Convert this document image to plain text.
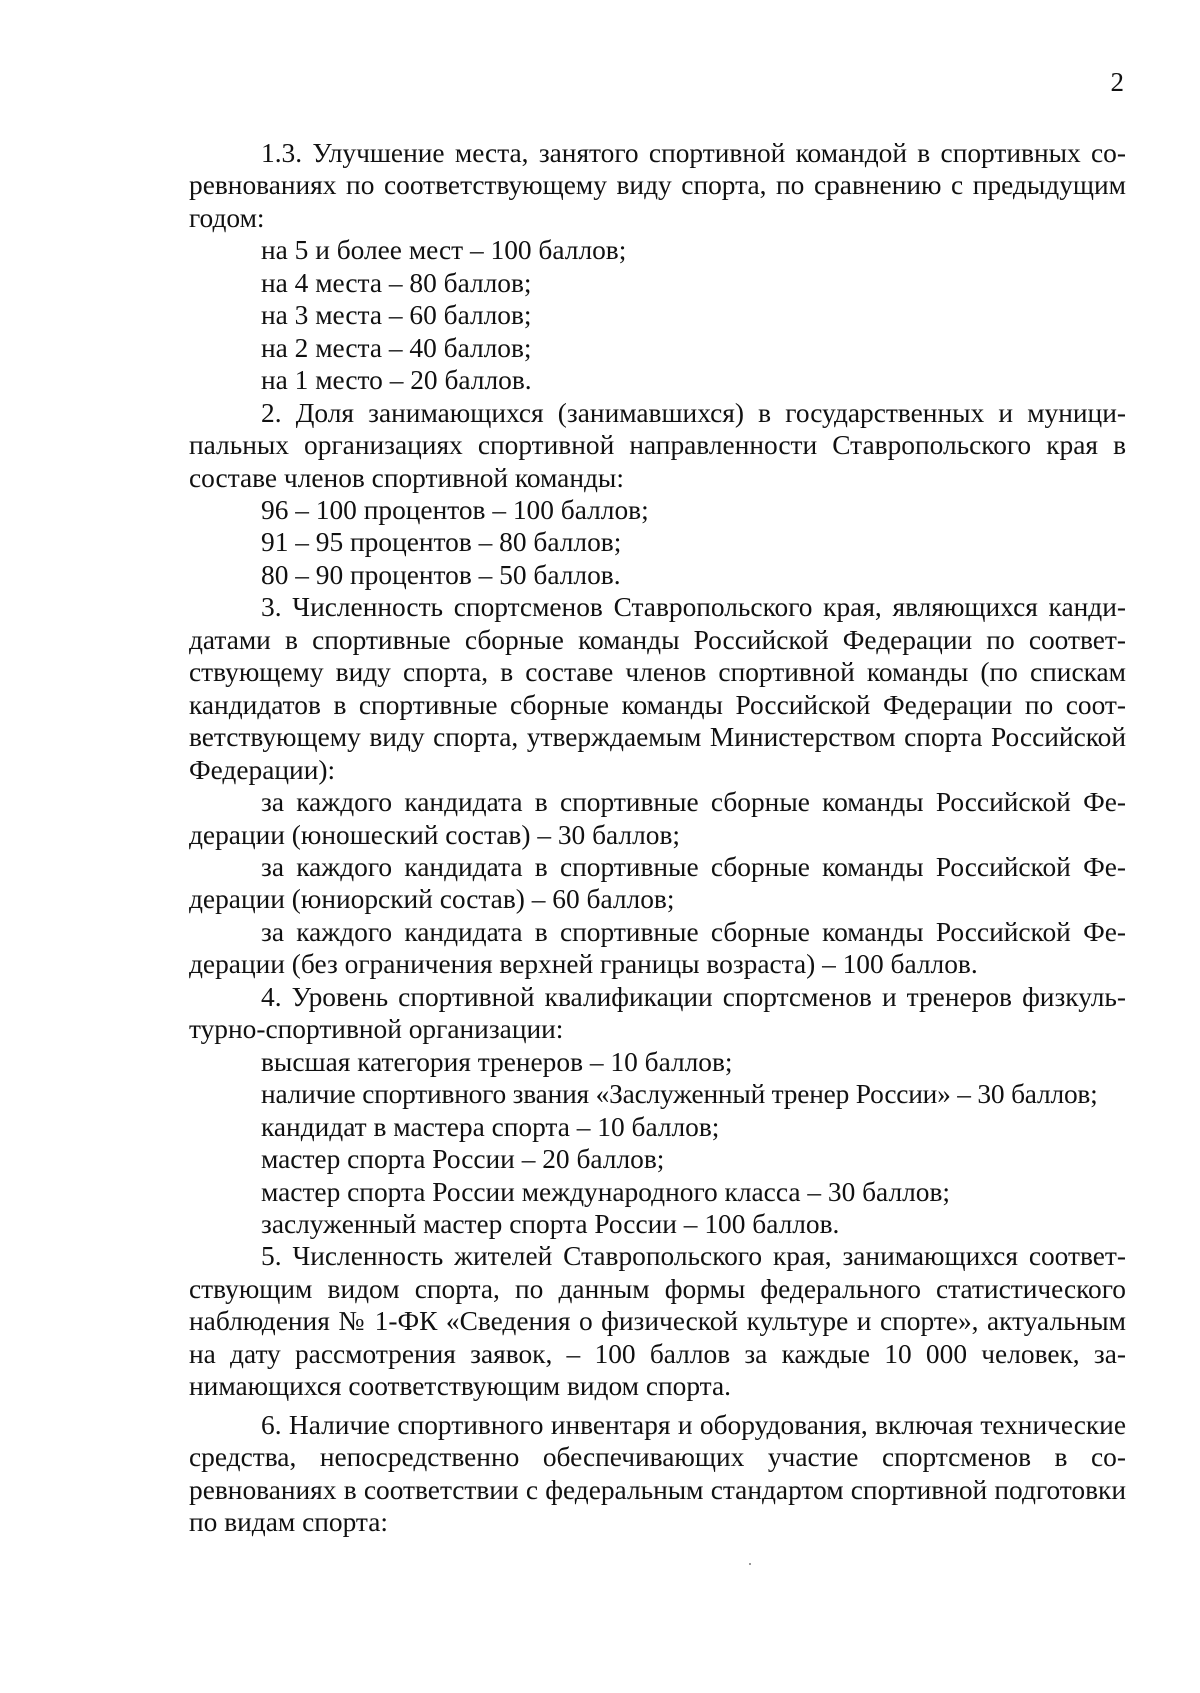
2

1.3. Улучшение места, занятого спортивной командой в спортивных соревнованиях по соответствующему виду спорта, по сравнению с предыдущим годом:

на 5 и более мест – 100 баллов;

на 4 места – 80 баллов;

на 3 места – 60 баллов;

на 2 места – 40 баллов;

на 1 место – 20 баллов.

2. Доля занимающихся (занимавшихся) в государственных и муниципальных организациях спортивной направленности Ставропольского края в составе членов спортивной команды:

96 – 100 процентов – 100 баллов;

91 – 95 процентов – 80 баллов;

80 – 90 процентов – 50 баллов.

3. Численность спортсменов Ставропольского края, являющихся кандидатами в спортивные сборные команды Российской Федерации по соответствующему виду спорта, в составе членов спортивной команды (по спискам кандидатов в спортивные сборные команды Российской Федерации по соответствующему виду спорта, утверждаемым Министерством спорта Российской Федерации):

за каждого кандидата в спортивные сборные команды Российской Федерации (юношеский состав) – 30 баллов;

за каждого кандидата в спортивные сборные команды Российской Федерации (юниорский состав) – 60 баллов;

за каждого кандидата в спортивные сборные команды Российской Федерации (без ограничения верхней границы возраста) – 100 баллов.

4. Уровень спортивной квалификации спортсменов и тренеров физкультурно-спортивной организации:

высшая категория тренеров – 10 баллов;

наличие спортивного звания «Заслуженный тренер России» – 30 баллов;

кандидат в мастера спорта – 10 баллов;

мастер спорта России – 20 баллов;

мастер спорта России международного класса – 30 баллов;

заслуженный мастер спорта России – 100 баллов.

5. Численность жителей Ставропольского края, занимающихся соответствующим видом спорта, по данным формы федерального статистического наблюдения № 1-ФК «Сведения о физической культуре и спорте», актуальным на дату рассмотрения заявок, – 100 баллов за каждые 10 000 человек, занимающихся соответствующим видом спорта.

6. Наличие спортивного инвентаря и оборудования, включая технические средства, непосредственно обеспечивающих участие спортсменов в соревнованиях в соответствии с федеральным стандартом спортивной подготовки по видам спорта:
